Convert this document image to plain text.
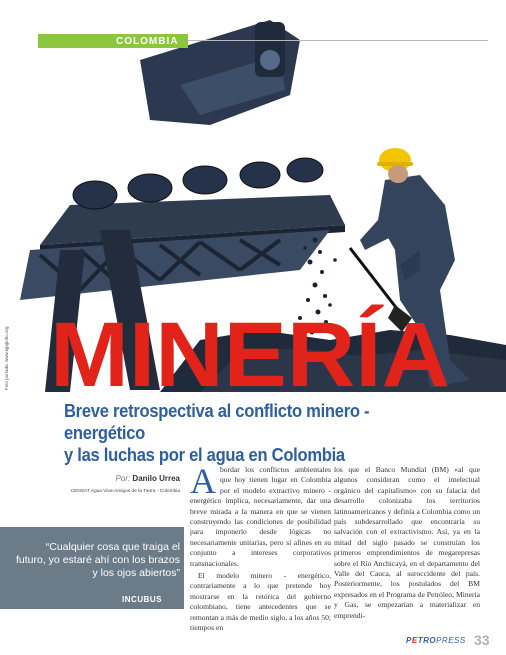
MINERÍA
Foto portada: www.ejpglobo.org
COLOMBIA
Breve retrospectiva al conflicto minero - energético
y las luchas por el agua en Colombia
Por: Danilo Urrea
CENSAT Agua Viva-Amigos de la Tierra - Colombia
“Cualquier cosa que traiga el futuro, yo estaré ahí con los brazos y los ojos abiertos”
INCUBUS

Abordar los conflictos ambientales que hoy tienen lugar en Colombia por el modelo extractivo minero - energético implica, necesariamente, dar una breve mirada a la manera en que se vienen construyendo las condiciones de posibilidad para imponerlo desde lógicas no necesariamente unitarias, pero sí afines en su conjunto a intereses corporativos transnacionales.

El modelo minero - energético, contrariamente a lo que pretende hoy mostrarse en la retórica del gobierno colombiano, tiene antecedentes que se remontan a más de medio siglo, a los años 50; tiempos en

los que el Banco Mundial (BM) «al que algunos consideran como el intelectual orgánico del capitalismo» con su falacia del desarrollo colonizaba los territorios latinoamericanos y definía a Colombia como un país subdesarrollado que encontraría su salvación con el extractivismo. Así, ya en la mitad del siglo pasado se construían los primeros emprendimientos de megarepresas sobre el Río Anchicayá, en el departamento del Valle del Cauca, al suroccidente del país. Posteriormente, los postulados del BM expresados en el Programa de Petróleo, Minería y Gas, se empezarían a materializar en emprendi-

PETROPRESS 33
